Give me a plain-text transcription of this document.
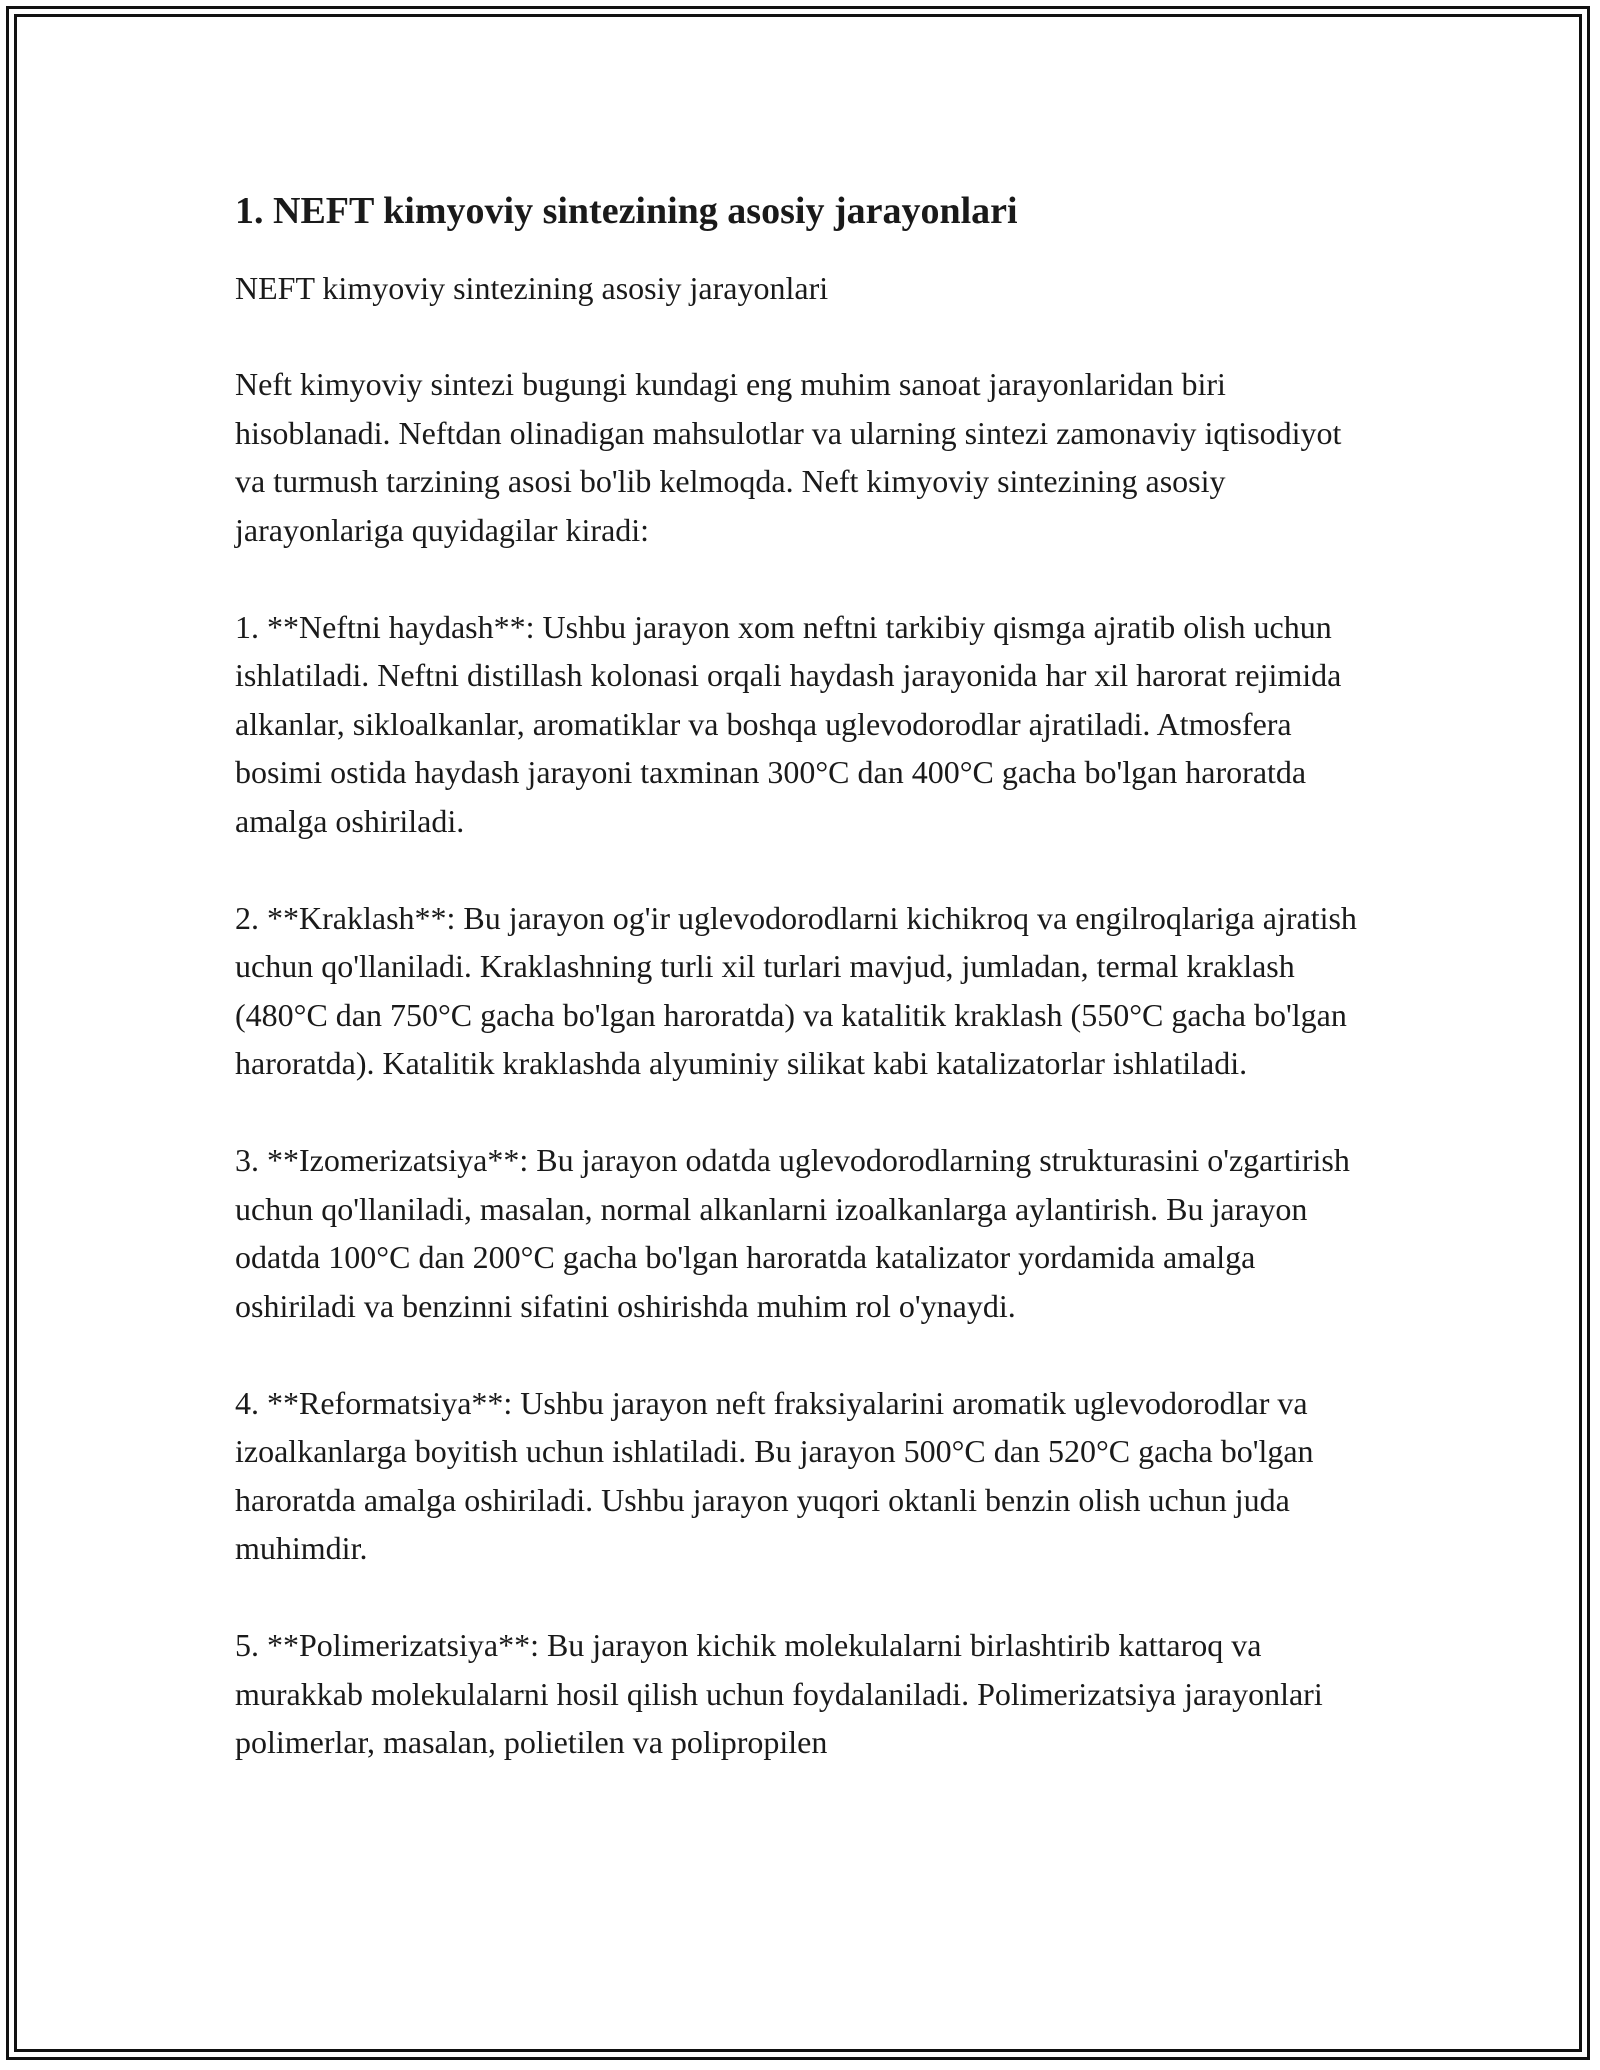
1. NEFT kimyoviy sintezining asosiy jarayonlari

NEFT kimyoviy sintezining asosiy jarayonlari

Neft kimyoviy sintezi bugungi kundagi eng muhim sanoat jarayonlaridan biri hisoblanadi. Neftdan olinadigan mahsulotlar va ularning sintezi zamonaviy iqtisodiyot va turmush tarzining asosi bo'lib kelmoqda. Neft kimyoviy sintezining asosiy jarayonlariga quyidagilar kiradi:

1. **Neftni haydash**: Ushbu jarayon xom neftni tarkibiy qismga ajratib olish uchun ishlatiladi. Neftni distillash kolonasi orqali haydash jarayonida har xil harorat rejimida alkanlar, sikloalkanlar, aromatiklar va boshqa uglevodorodlar ajratiladi. Atmosfera bosimi ostida haydash jarayoni taxminan 300°C dan 400°C gacha bo'lgan haroratda amalga oshiriladi.

2. **Kraklash**: Bu jarayon og'ir uglevodorodlarni kichikroq va engilroqlariga ajratish uchun qo'llaniladi. Kraklashning turli xil turlari mavjud, jumladan, termal kraklash (480°C dan 750°C gacha bo'lgan haroratda) va katalitik kraklash (550°C gacha bo'lgan haroratda). Katalitik kraklashda alyuminiy silikat kabi katalizatorlar ishlatiladi.

3. **Izomerizatsiya**: Bu jarayon odatda uglevodorodlarning strukturasini o'zgartirish uchun qo'llaniladi, masalan, normal alkanlarni izoalkanlarga aylantirish. Bu jarayon odatda 100°C dan 200°C gacha bo'lgan haroratda katalizator yordamida amalga oshiriladi va benzinni sifatini oshirishda muhim rol o'ynaydi.

4. **Reformatsiya**: Ushbu jarayon neft fraksiyalarini aromatik uglevodorodlar va izoalkanlarga boyitish uchun ishlatiladi. Bu jarayon 500°C dan 520°C gacha bo'lgan haroratda amalga oshiriladi. Ushbu jarayon yuqori oktanli benzin olish uchun juda muhimdir.

5. **Polimerizatsiya**: Bu jarayon kichik molekulalarni birlashtirib kattaroq va murakkab molekulalarni hosil qilish uchun foydalaniladi. Polimerizatsiya jarayonlari polimerlar, masalan, polietilen va polipropilen
